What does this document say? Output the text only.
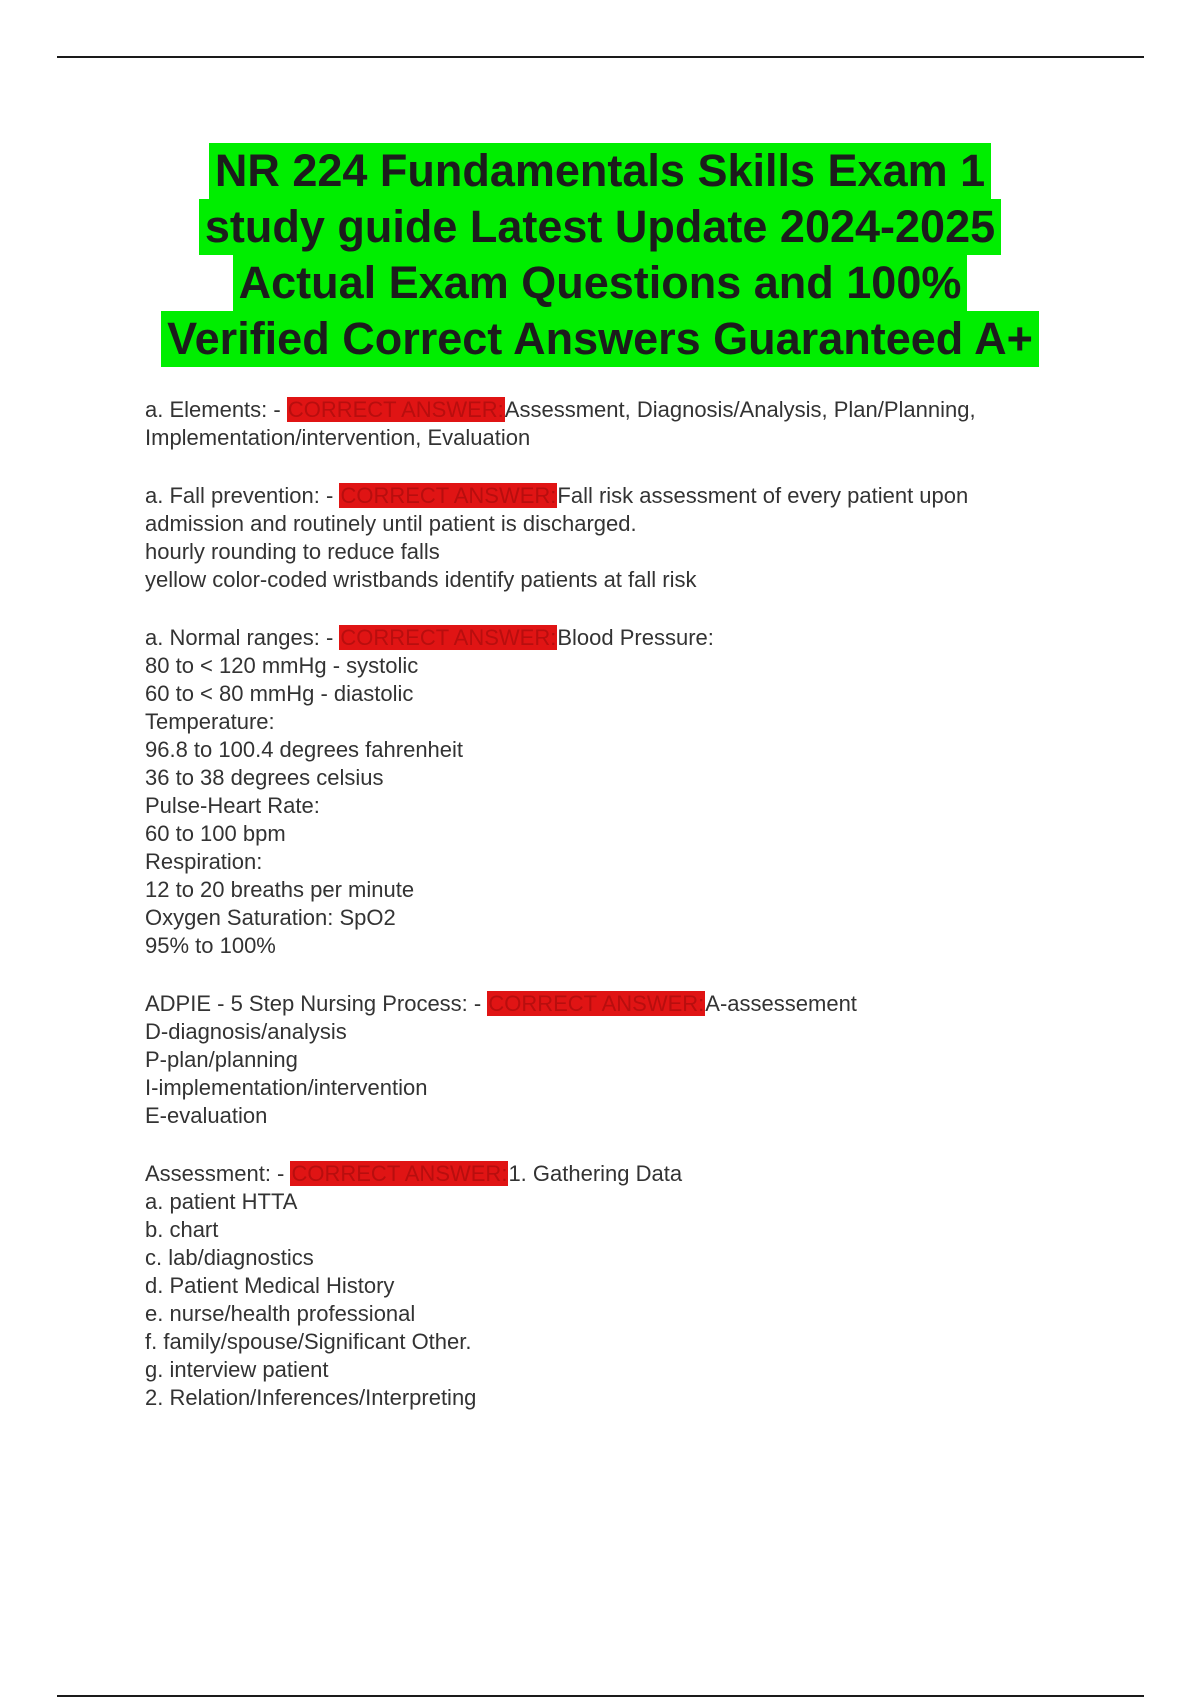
NR 224 Fundamentals Skills Exam 1
study guide Latest Update 2024-2025
Actual Exam Questions and 100%
Verified Correct Answers Guaranteed A+
a. Elements: - CORRECT ANSWER:Assessment, Diagnosis/Analysis, Plan/Planning,
Implementation/intervention, Evaluation
a. Fall prevention: - CORRECT ANSWER:Fall risk assessment of every patient upon
admission and routinely until patient is discharged.
hourly rounding to reduce falls
yellow color-coded wristbands identify patients at fall risk
a. Normal ranges: - CORRECT ANSWER:Blood Pressure:
80 to < 120 mmHg - systolic
60 to < 80 mmHg - diastolic
Temperature:
96.8 to 100.4 degrees fahrenheit
36 to 38 degrees celsius
Pulse-Heart Rate:
60 to 100 bpm
Respiration:
12 to 20 breaths per minute
Oxygen Saturation: SpO2
95% to 100%
ADPIE - 5 Step Nursing Process: - CORRECT ANSWER:A-assessement
D-diagnosis/analysis
P-plan/planning
I-implementation/intervention
E-evaluation
Assessment: - CORRECT ANSWER:1. Gathering Data
a. patient HTTA
b. chart
c. lab/diagnostics
d. Patient Medical History
e. nurse/health professional
f. family/spouse/Significant Other.
g. interview patient
2. Relation/Inferences/Interpreting
